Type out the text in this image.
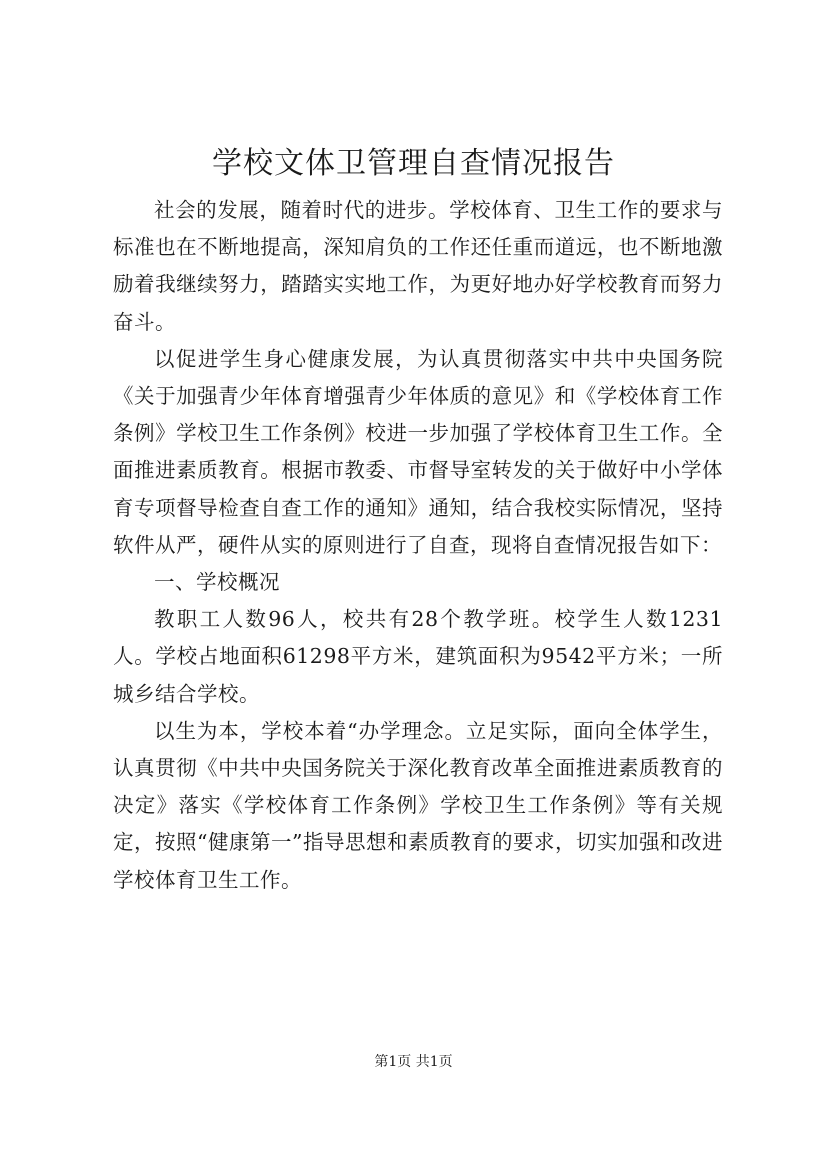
学校文体卫管理自查情况报告

社会的发展，随着时代的进步。学校体育、卫生工作的要求与标准也在不断地提高，深知肩负的工作还任重而道远，也不断地激励着我继续努力，踏踏实实地工作，为更好地办好学校教育而努力奋斗。

以促进学生身心健康发展，为认真贯彻落实中共中央国务院《关于加强青少年体育增强青少年体质的意见》和《学校体育工作条例》学校卫生工作条例》校进一步加强了学校体育卫生工作。全面推进素质教育。根据市教委、市督导室转发的关于做好中小学体育专项督导检查自查工作的通知》通知，结合我校实际情况，坚持软件从严，硬件从实的原则进行了自查，现将自查情况报告如下：

一、学校概况

教职工人数96人，校共有28个教学班。校学生人数1231人。学校占地面积61298平方米，建筑面积为9542平方米；一所城乡结合学校。

以生为本，学校本着“办学理念。立足实际，面向全体学生，认真贯彻《中共中央国务院关于深化教育改革全面推进素质教育的决定》落实《学校体育工作条例》学校卫生工作条例》等有关规定，按照“健康第一”指导思想和素质教育的要求，切实加强和改进学校体育卫生工作。

第1页 共1页
